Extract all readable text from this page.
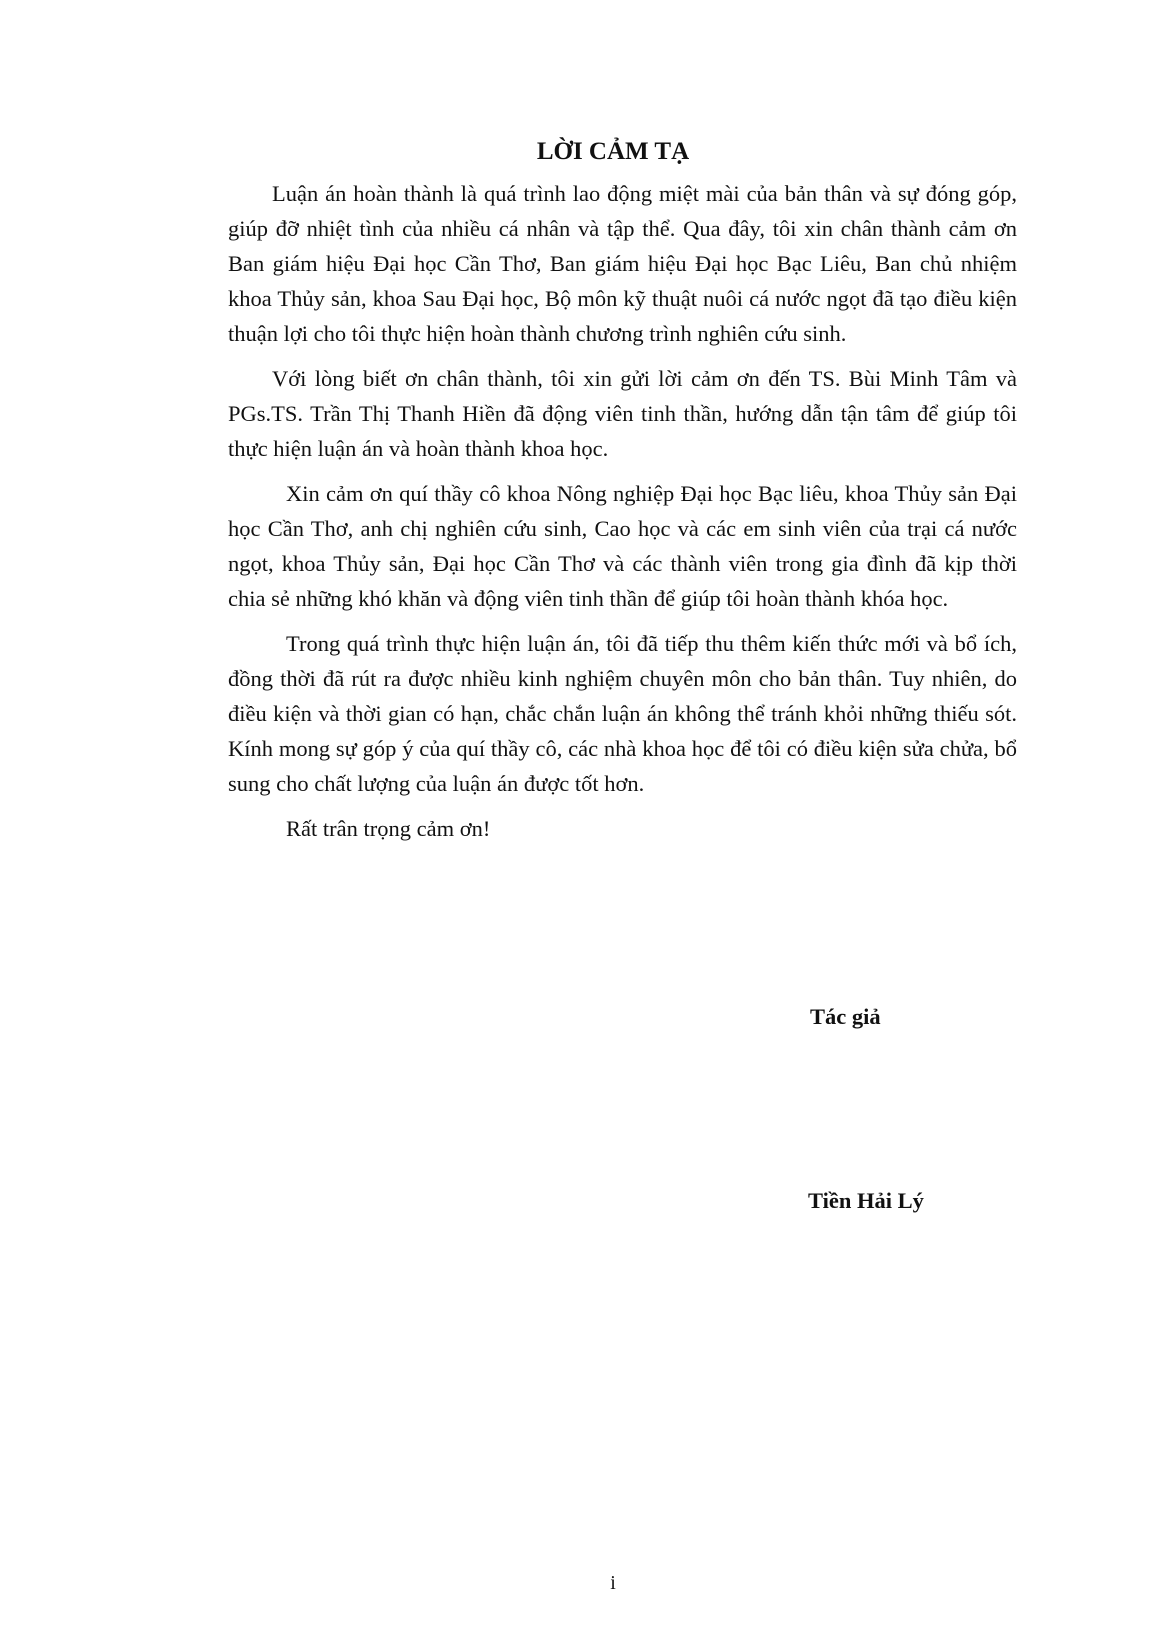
LỜI CẢM TẠ

Luận án hoàn thành là quá trình lao động miệt mài của bản thân và sự đóng góp, giúp đỡ nhiệt tình của nhiều cá nhân và tập thể. Qua đây, tôi xin chân thành cảm ơn Ban giám hiệu Đại học Cần Thơ, Ban giám hiệu Đại học Bạc Liêu, Ban chủ nhiệm khoa Thủy sản, khoa Sau Đại học, Bộ môn kỹ thuật nuôi cá nước ngọt đã tạo điều kiện thuận lợi cho tôi thực hiện hoàn thành chương trình nghiên cứu sinh.

Với lòng biết ơn chân thành, tôi xin gửi lời cảm ơn đến TS. Bùi Minh Tâm và PGs.TS. Trần Thị Thanh Hiền đã động viên tinh thần, hướng dẫn tận tâm để giúp tôi thực hiện luận án và hoàn thành khoa học.

Xin cảm ơn quí thầy cô khoa Nông nghiệp Đại học Bạc liêu, khoa Thủy sản Đại học Cần Thơ, anh chị nghiên cứu sinh, Cao học và các em sinh viên của trại cá nước ngọt, khoa Thủy sản, Đại học Cần Thơ và các thành viên trong gia đình đã kịp thời chia sẻ những khó khăn và động viên tinh thần để giúp tôi hoàn thành khóa học.

Trong quá trình thực hiện luận án, tôi đã tiếp thu thêm kiến thức mới và bổ ích, đồng thời đã rút ra được nhiều kinh nghiệm chuyên môn cho bản thân. Tuy nhiên, do điều kiện và thời gian có hạn, chắc chắn luận án không thể tránh khỏi những thiếu sót. Kính mong sự góp ý của quí thầy cô, các nhà khoa học để tôi có điều kiện sửa chửa, bổ sung cho chất lượng của luận án được tốt hơn.

Rất trân trọng cảm ơn!

Tác giả
Tiền Hải Lý
i
